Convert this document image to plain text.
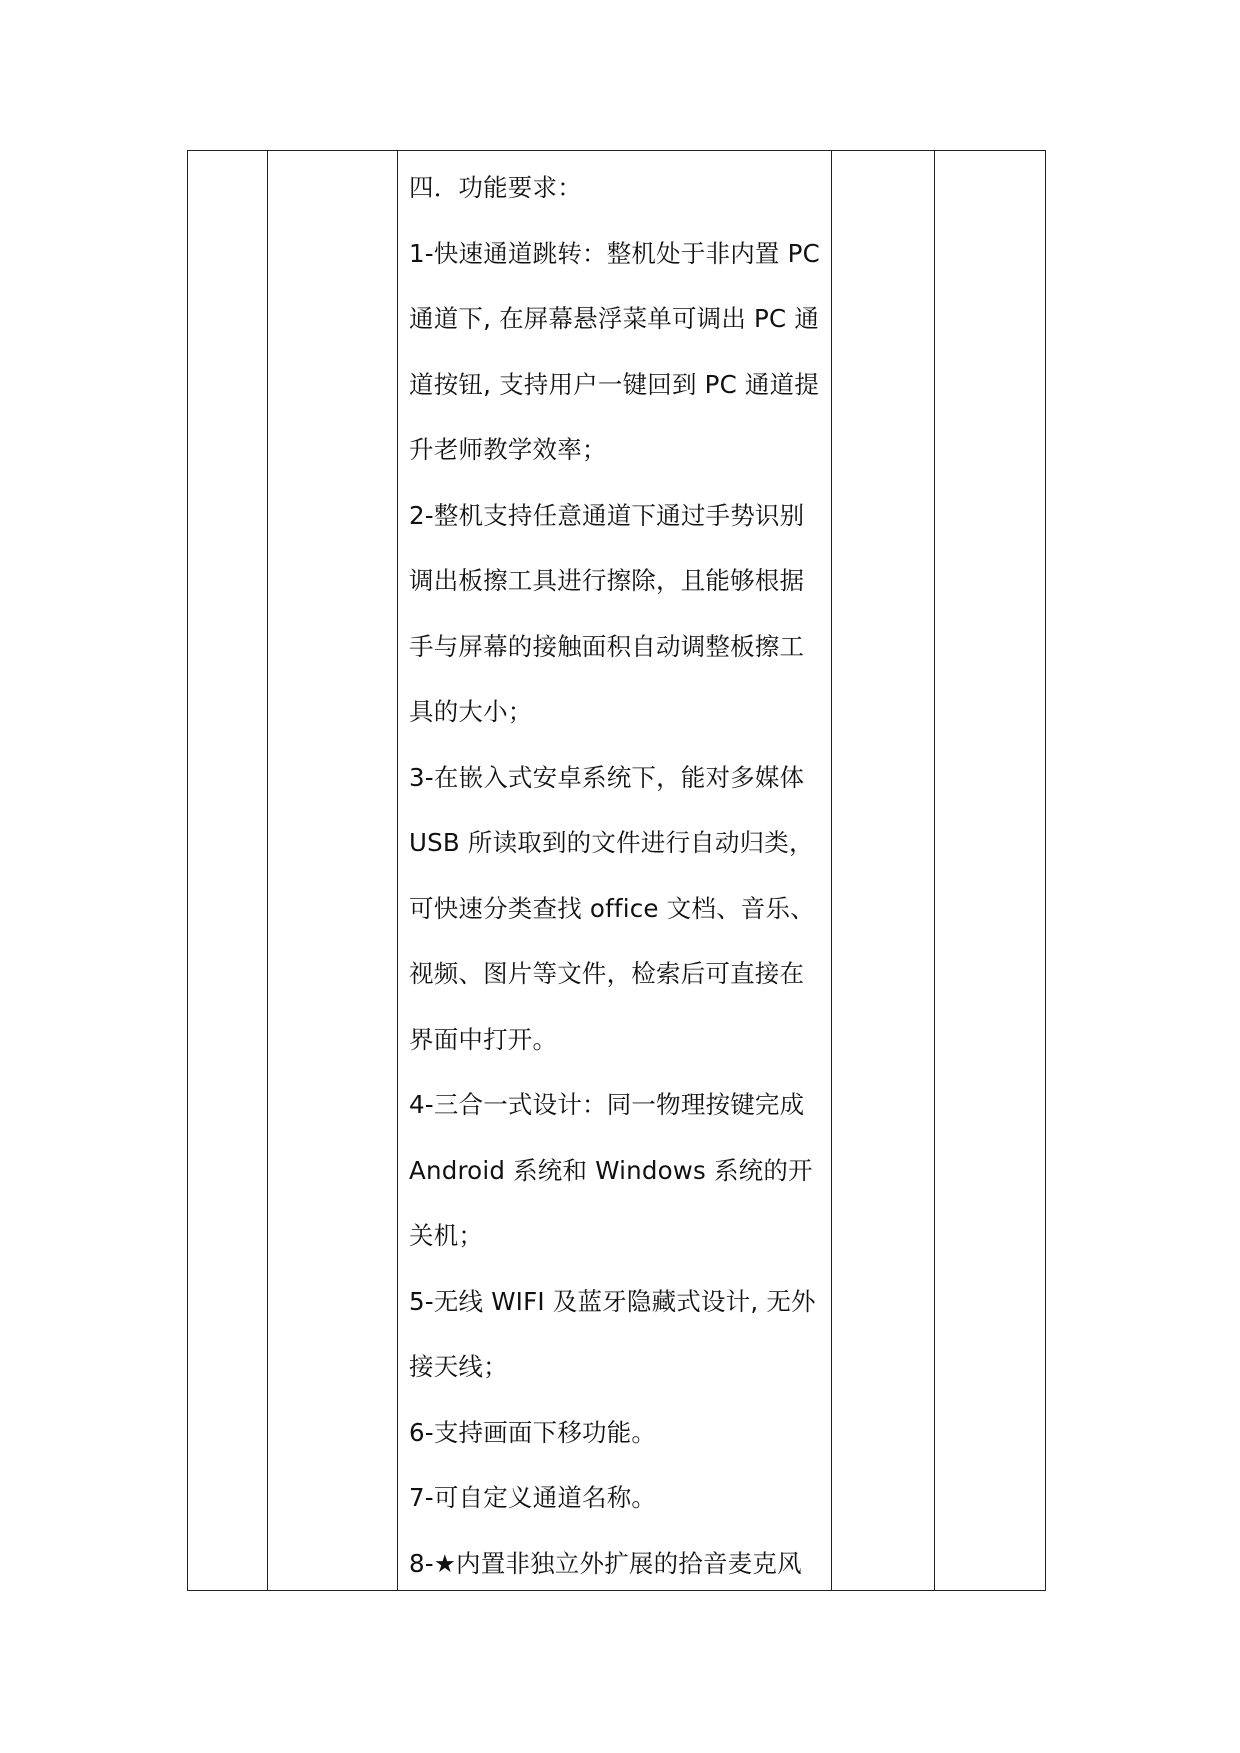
四．功能要求：
1-快速通道跳转：整机处于非内置 PC
通道下, 在屏幕悬浮菜单可调出 PC 通
道按钮, 支持用户一键回到 PC 通道提
升老师教学效率；
2-整机支持任意通道下通过手势识别
调出板擦工具进行擦除，且能够根据
手与屏幕的接触面积自动调整板擦工
具的大小；
3-在嵌入式安卓系统下，能对多媒体
USB 所读取到的文件进行自动归类，
可快速分类查找 office 文档、音乐、
视频、图片等文件，检索后可直接在
界面中打开。
4-三合一式设计：同一物理按键完成
Android 系统和 Windows 系统的开
关机；
5-无线 WIFI 及蓝牙隐藏式设计, 无外
接天线；
6-支持画面下移功能。
7-可自定义通道名称。
8-★内置非独立外扩展的拾音麦克风
